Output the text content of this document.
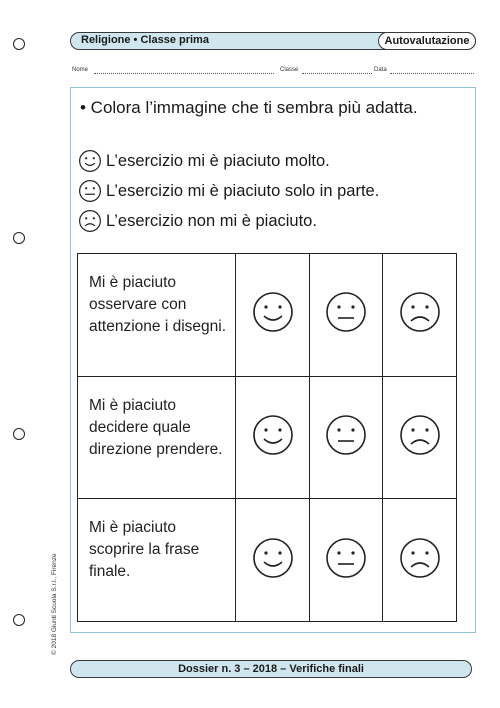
Religione • Classe prima	Autovalutazione
Nome	Classe	Data
• Colora l’immagine che ti sembra più adatta.
L’esercizio mi è piaciuto molto.
L’esercizio mi è piaciuto solo in parte.
L’esercizio non mi è piaciuto.
Mi è piaciuto osservare con attenzione i disegni.			
Mi è piaciuto decidere quale direzione prendere.			
Mi è piaciuto scoprire la frase finale.			
© 2018 Giunti Scuola S.r.l., Firenze
Dossier n. 3 – 2018 – Verifiche finali
